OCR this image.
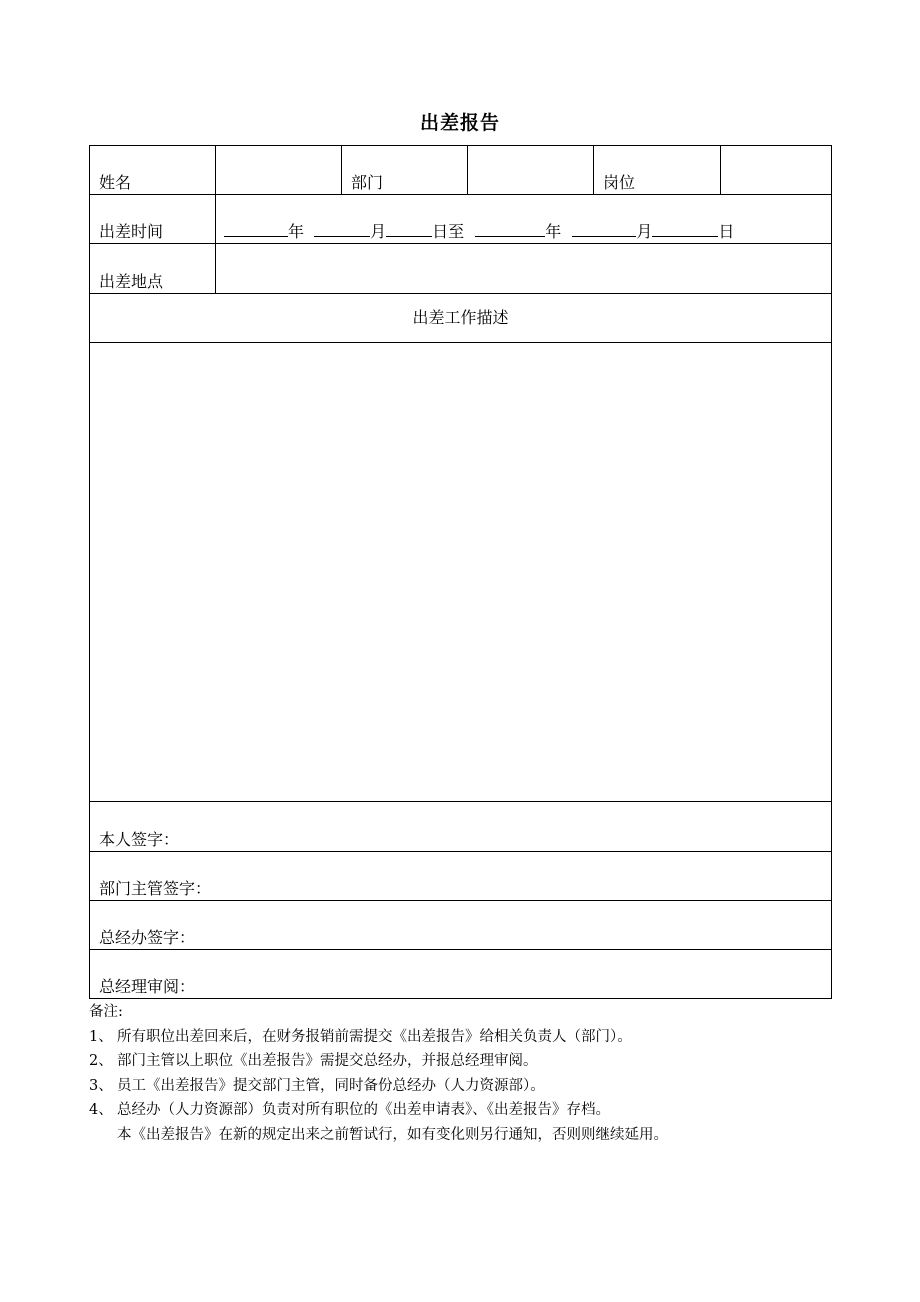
出差报告
姓名		部门		岗位	
出差时间	年 月 日至 年 月 日				
出差地点					
出差工作描述					

本人签字：					
部门主管签字：					
总经办签字：					
总经理审阅：					
备注:
1、 所有职位出差回来后，在财务报销前需提交《出差报告》给相关负责人（部门）。
2、 部门主管以上职位《出差报告》需提交总经办，并报总经理审阅。
3、 员工《出差报告》提交部门主管，同时备份总经办（人力资源部）。
4、 总经办（人力资源部）负责对所有职位的《出差申请表》、《出差报告》存档。
本《出差报告》在新的规定出来之前暂试行，如有变化则另行通知，否则则继续延用。
